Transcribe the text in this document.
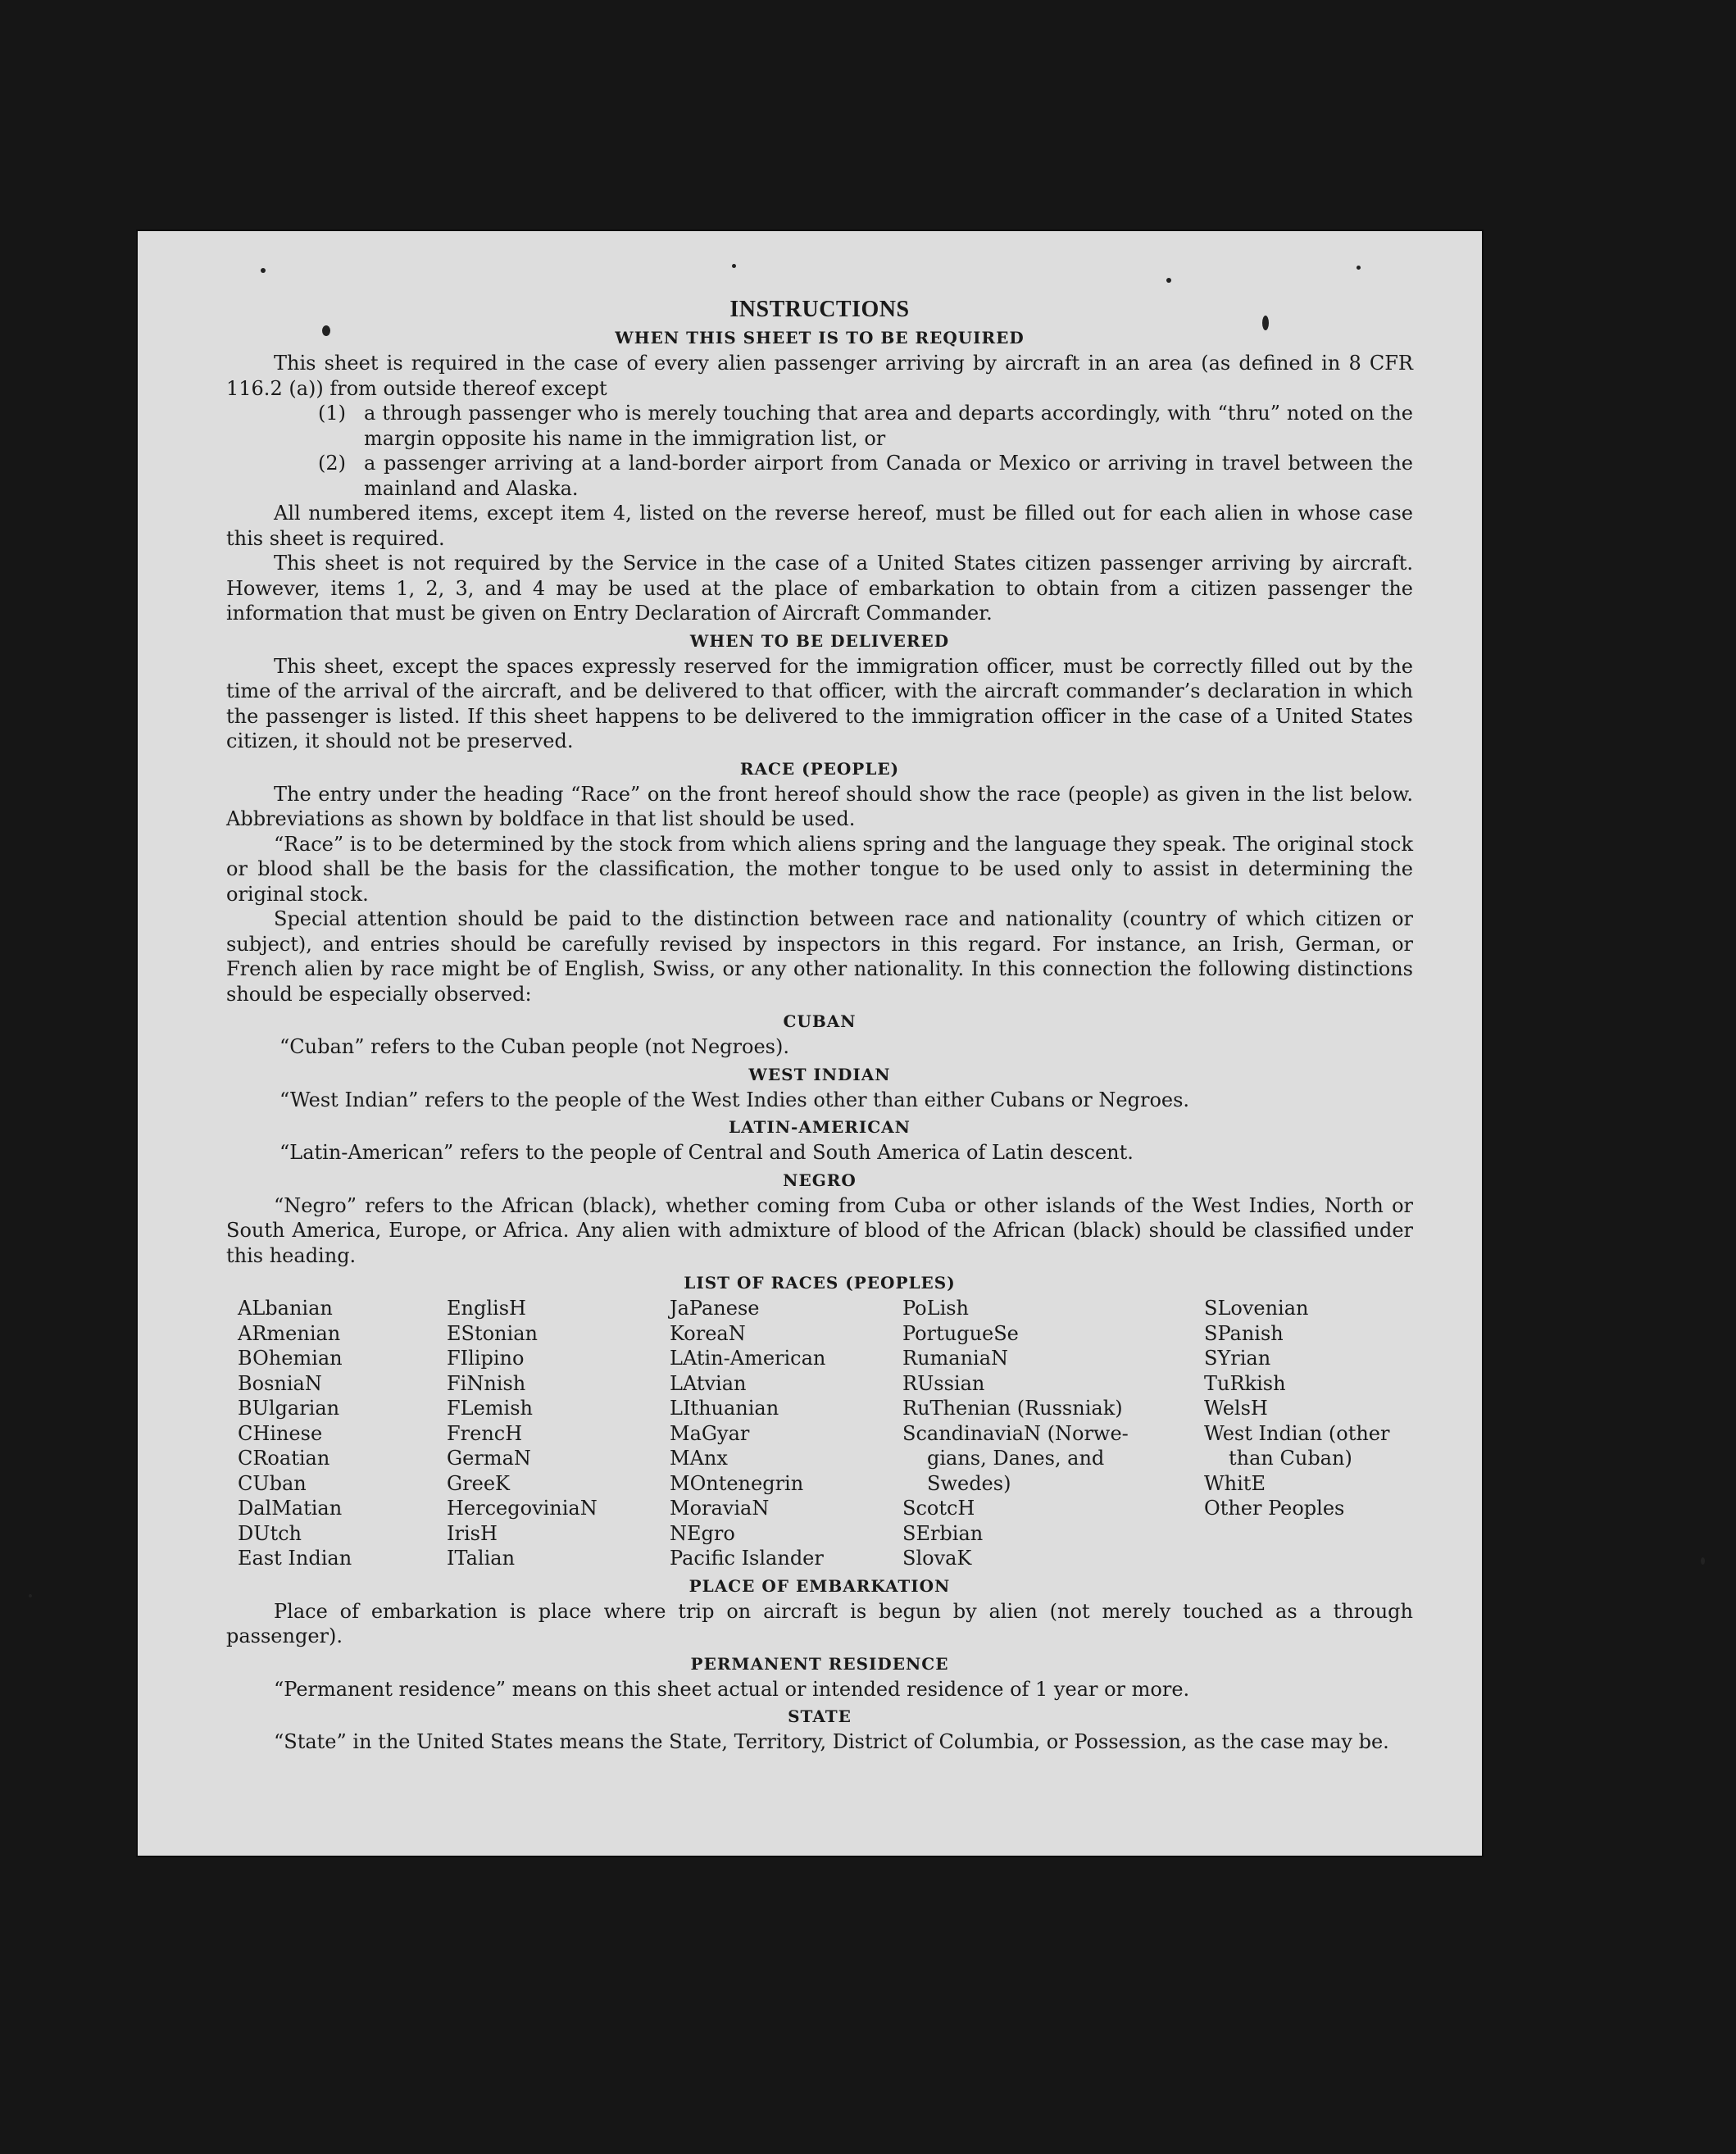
INSTRUCTIONS
WHEN THIS SHEET IS TO BE REQUIRED

This sheet is required in the case of every alien passenger arriving by aircraft in an area (as defined in 8 CFR 116.2 (a)) from outside thereof except

(1) a through passenger who is merely touching that area and departs accordingly, with “thru” noted on the margin opposite his name in the immigration list, or
(2) a passenger arriving at a land-border airport from Canada or Mexico or arriving in travel between the mainland and Alaska.

All numbered items, except item 4, listed on the reverse hereof, must be filled out for each alien in whose case this sheet is required.

This sheet is not required by the Service in the case of a United States citizen passenger arriving by aircraft. However, items 1, 2, 3, and 4 may be used at the place of embarkation to obtain from a citizen passenger the information that must be given on Entry Declaration of Aircraft Commander.

WHEN TO BE DELIVERED

This sheet, except the spaces expressly reserved for the immigration officer, must be correctly filled out by the time of the arrival of the aircraft, and be delivered to that officer, with the aircraft commander’s declaration in which the passenger is listed. If this sheet happens to be delivered to the immigration officer in the case of a United States citizen, it should not be preserved.

RACE (PEOPLE)

The entry under the heading “Race” on the front hereof should show the race (people) as given in the list below. Abbreviations as shown by boldface in that list should be used.

“Race” is to be determined by the stock from which aliens spring and the language they speak. The original stock or blood shall be the basis for the classification, the mother tongue to be used only to assist in determining the original stock.

Special attention should be paid to the distinction between race and nationality (country of which citizen or subject), and entries should be carefully revised by inspectors in this regard. For instance, an Irish, German, or French alien by race might be of English, Swiss, or any other nationality. In this connection the following distinctions should be especially observed:

CUBAN

“Cuban” refers to the Cuban people (not Negroes).

WEST INDIAN

“West Indian” refers to the people of the West Indies other than either Cubans or Negroes.

LATIN-AMERICAN

“Latin-American” refers to the people of Central and South America of Latin descent.

NEGRO

“Negro” refers to the African (black), whether coming from Cuba or other islands of the West Indies, North or South America, Europe, or Africa. Any alien with admixture of blood of the African (black) should be classified under this heading.

LIST OF RACES (PEOPLES)
ALbanian
ARmenian
BOhemian
BosniaN
BUlgarian
CHinese
CRoatian
CUban
DalMatian
DUtch
East Indian
EnglisH
EStonian
FIlipino
FiNnish
FLemish
FrencH
GermaN
GreeK
HercegoviniaN
IrisH
ITalian
JaPanese
KoreaN
LAtin-American
LAtvian
LIthuanian
MaGyar
MAnx
MOntenegrin
MoraviaN
NEgro
Pacific Islander
PoLish
PortugueSe
RumaniaN
RUssian
RuThenian (Russniak)
ScandinaviaN (Norwe-
gians, Danes, and
Swedes)
ScotcH
SErbian
SlovaK
SLovenian
SPanish
SYrian
TuRkish
WelsH
West Indian (other
than Cuban)
WhitE
Other Peoples
PLACE OF EMBARKATION

Place of embarkation is place where trip on aircraft is begun by alien (not merely touched as a through passenger).

PERMANENT RESIDENCE

“Permanent residence” means on this sheet actual or intended residence of 1 year or more.

STATE

“State” in the United States means the State, Territory, District of Columbia, or Possession, as the case may be.
